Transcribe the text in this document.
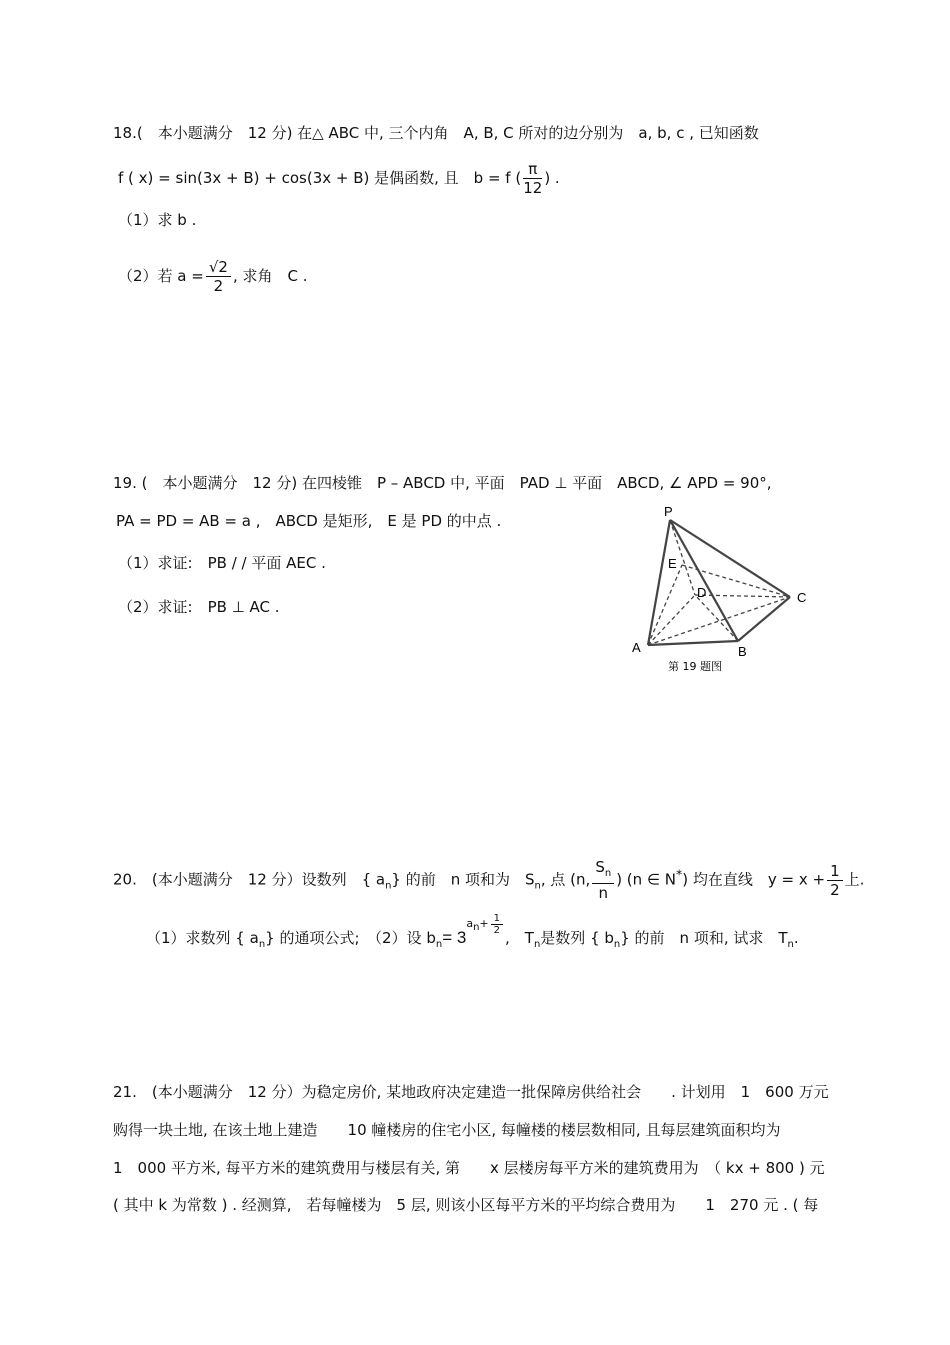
18.(　本小题满分　12 分) 在△ ABC 中, 三个内角　A, B, C 所对的边分别为　a, b, c , 已知函数
f ( x) = sin(3x + B) + cos(3x + B) 是偶函数, 且　b = f ( $\frac{\pi}{12}$ ) .
（1）求 b .
（2）若 $a = \frac{√2}{2}$ , 求角　C .
19. (　本小题满分　12 分) 在四棱锥　P – ABCD 中, 平面　PAD ⊥ 平面　ABCD, ∠ APD = 90°,
PA = PD = AB = a ,　ABCD 是矩形,　E 是 PD 的中点 .
（1）求证:　PB / / 平面 AEC .
（2）求证:　PB ⊥ AC .
P
E
D	C
A	B
第 19 题图
20.　(本小题满分　12 分）设数列　{ $a_n$} 的前　n 项和为　$S_n$, 点 (n, $\frac{S_n}{n}$ ) (n ∈ N*) 均在直线　$y = x + \frac{1}{2}$ 上.
（1）求数列 { $a_n$} 的通项公式;　（2）设 $b_n= 3^{a_n+ \frac{1}{2}}$
,　$T_n$是数列 { $b_n$} 的前　n 项和, 试求　$T_n$.
21.　(本小题满分　12 分）为稳定房价, 某地政府决定建造一批保障房供给社会　　. 计划用　1　600 万元
购得一块土地, 在该土地上建造　　10 幢楼房的住宅小区, 每幢楼的楼层数相同, 且每层建筑面积均为
1　000 平方米, 每平方米的建筑费用与楼层有关, 第　　x 层楼房每平方米的建筑费用为　（ kx + 800 ) 元
( 其中 k 为常数 ) . 经测算,　若每幢楼为　5 层, 则该小区每平方米的平均综合费用为　　1　270 元 . ( 每
